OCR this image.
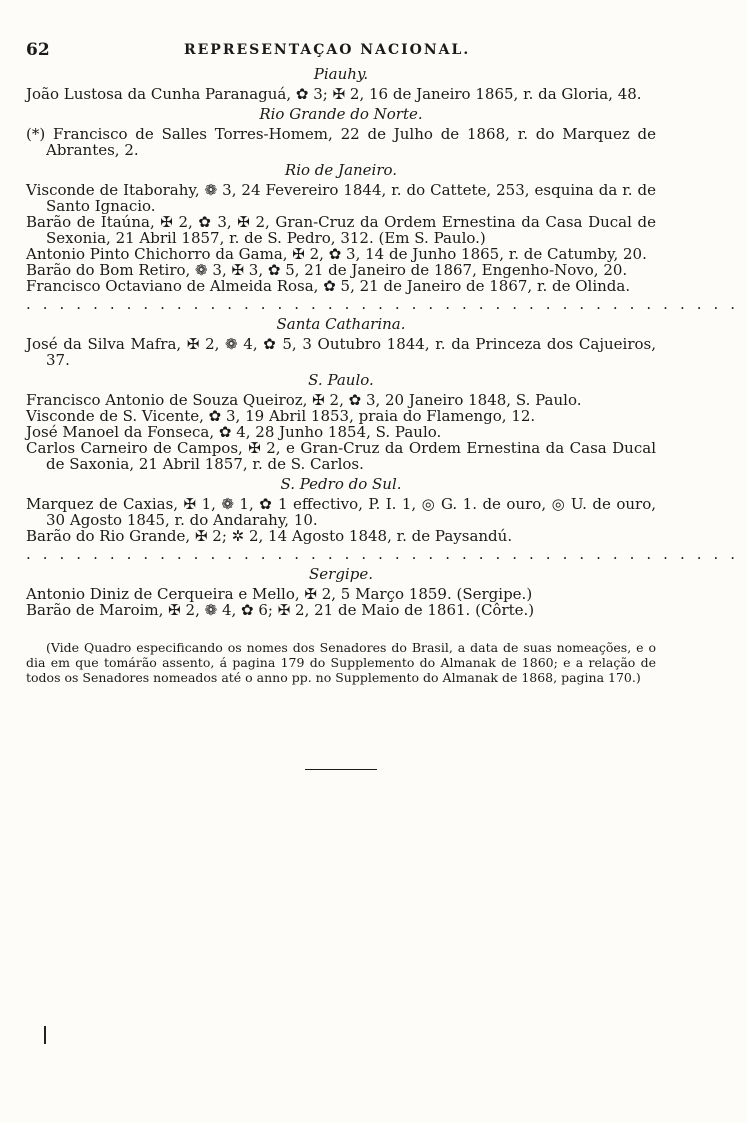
62	REPRESENTAÇAO NACIONAL.
Piauhy.

João Lustosa da Cunha Paranaguá, ✿ 3; ✠ 2, 16 de Janeiro 1865, r. da Gloria, 48.

Rio Grande do Norte.

(*) Francisco de Salles Torres-Homem, 22 de Julho de 1868, r. do Marquez de Abrantes, 2.

Rio de Janeiro.

Visconde de Itaborahy, ❁ 3, 24 Fevereiro 1844, r. do Cattete, 253, esquina da r. de Santo Ignacio.

Barão de Itaúna, ✠ 2, ✿ 3, ✠ 2, Gran-Cruz da Ordem Ernestina da Casa Ducal de Sexonia, 21 Abril 1857, r. de S. Pedro, 312. (Em S. Paulo.)

Antonio Pinto Chichorro da Gama, ✠ 2, ✿ 3, 14 de Junho 1865, r. de Catumby, 20.

Barão do Bom Retiro, ❁ 3, ✠ 3, ✿ 5, 21 de Janeiro de 1867, Engenho-Novo, 20.

Francisco Octaviano de Almeida Rosa, ✿ 5, 21 de Janeiro de 1867, r. de Olinda.

...........................................
Santa Catharina.

José da Silva Mafra, ✠ 2, ❁ 4, ✿ 5, 3 Outubro 1844, r. da Princeza dos Cajueiros, 37.

S. Paulo.

Francisco Antonio de Souza Queiroz, ✠ 2, ✿ 3, 20 Janeiro 1848, S. Paulo.

Visconde de S. Vicente, ✿ 3, 19 Abril 1853, praia do Flamengo, 12.

José Manoel da Fonseca, ✿ 4, 28 Junho 1854, S. Paulo.

Carlos Carneiro de Campos, ✠ 2, e Gran-Cruz da Ordem Ernestina da Casa Ducal de Saxonia, 21 Abril 1857, r. de S. Carlos.

S. Pedro do Sul.

Marquez de Caxias, ✠ 1, ❁ 1, ✿ 1 effectivo, P. I. 1, ◎ G. 1. de ouro, ◎ U. de ouro, 30 Agosto 1845, r. do Andarahy, 10.

Barão do Rio Grande, ✠ 2; ✲ 2, 14 Agosto 1848, r. de Paysandú.

...........................................
Sergipe.

Antonio Diniz de Cerqueira e Mello, ✠ 2, 5 Março 1859. (Sergipe.)

Barão de Maroim, ✠ 2, ❁ 4, ✿ 6; ✠ 2, 21 de Maio de 1861. (Côrte.)

(Vide Quadro especificando os nomes dos Senadores do Brasil, a data de suas nomeações, e o dia em que tomárão assento, á pagina 179 do Supplemento do Almanak de 1860; e a relação de todos os Senadores nomeados até o anno pp. no Supplemento do Almanak de 1868, pagina 170.)
